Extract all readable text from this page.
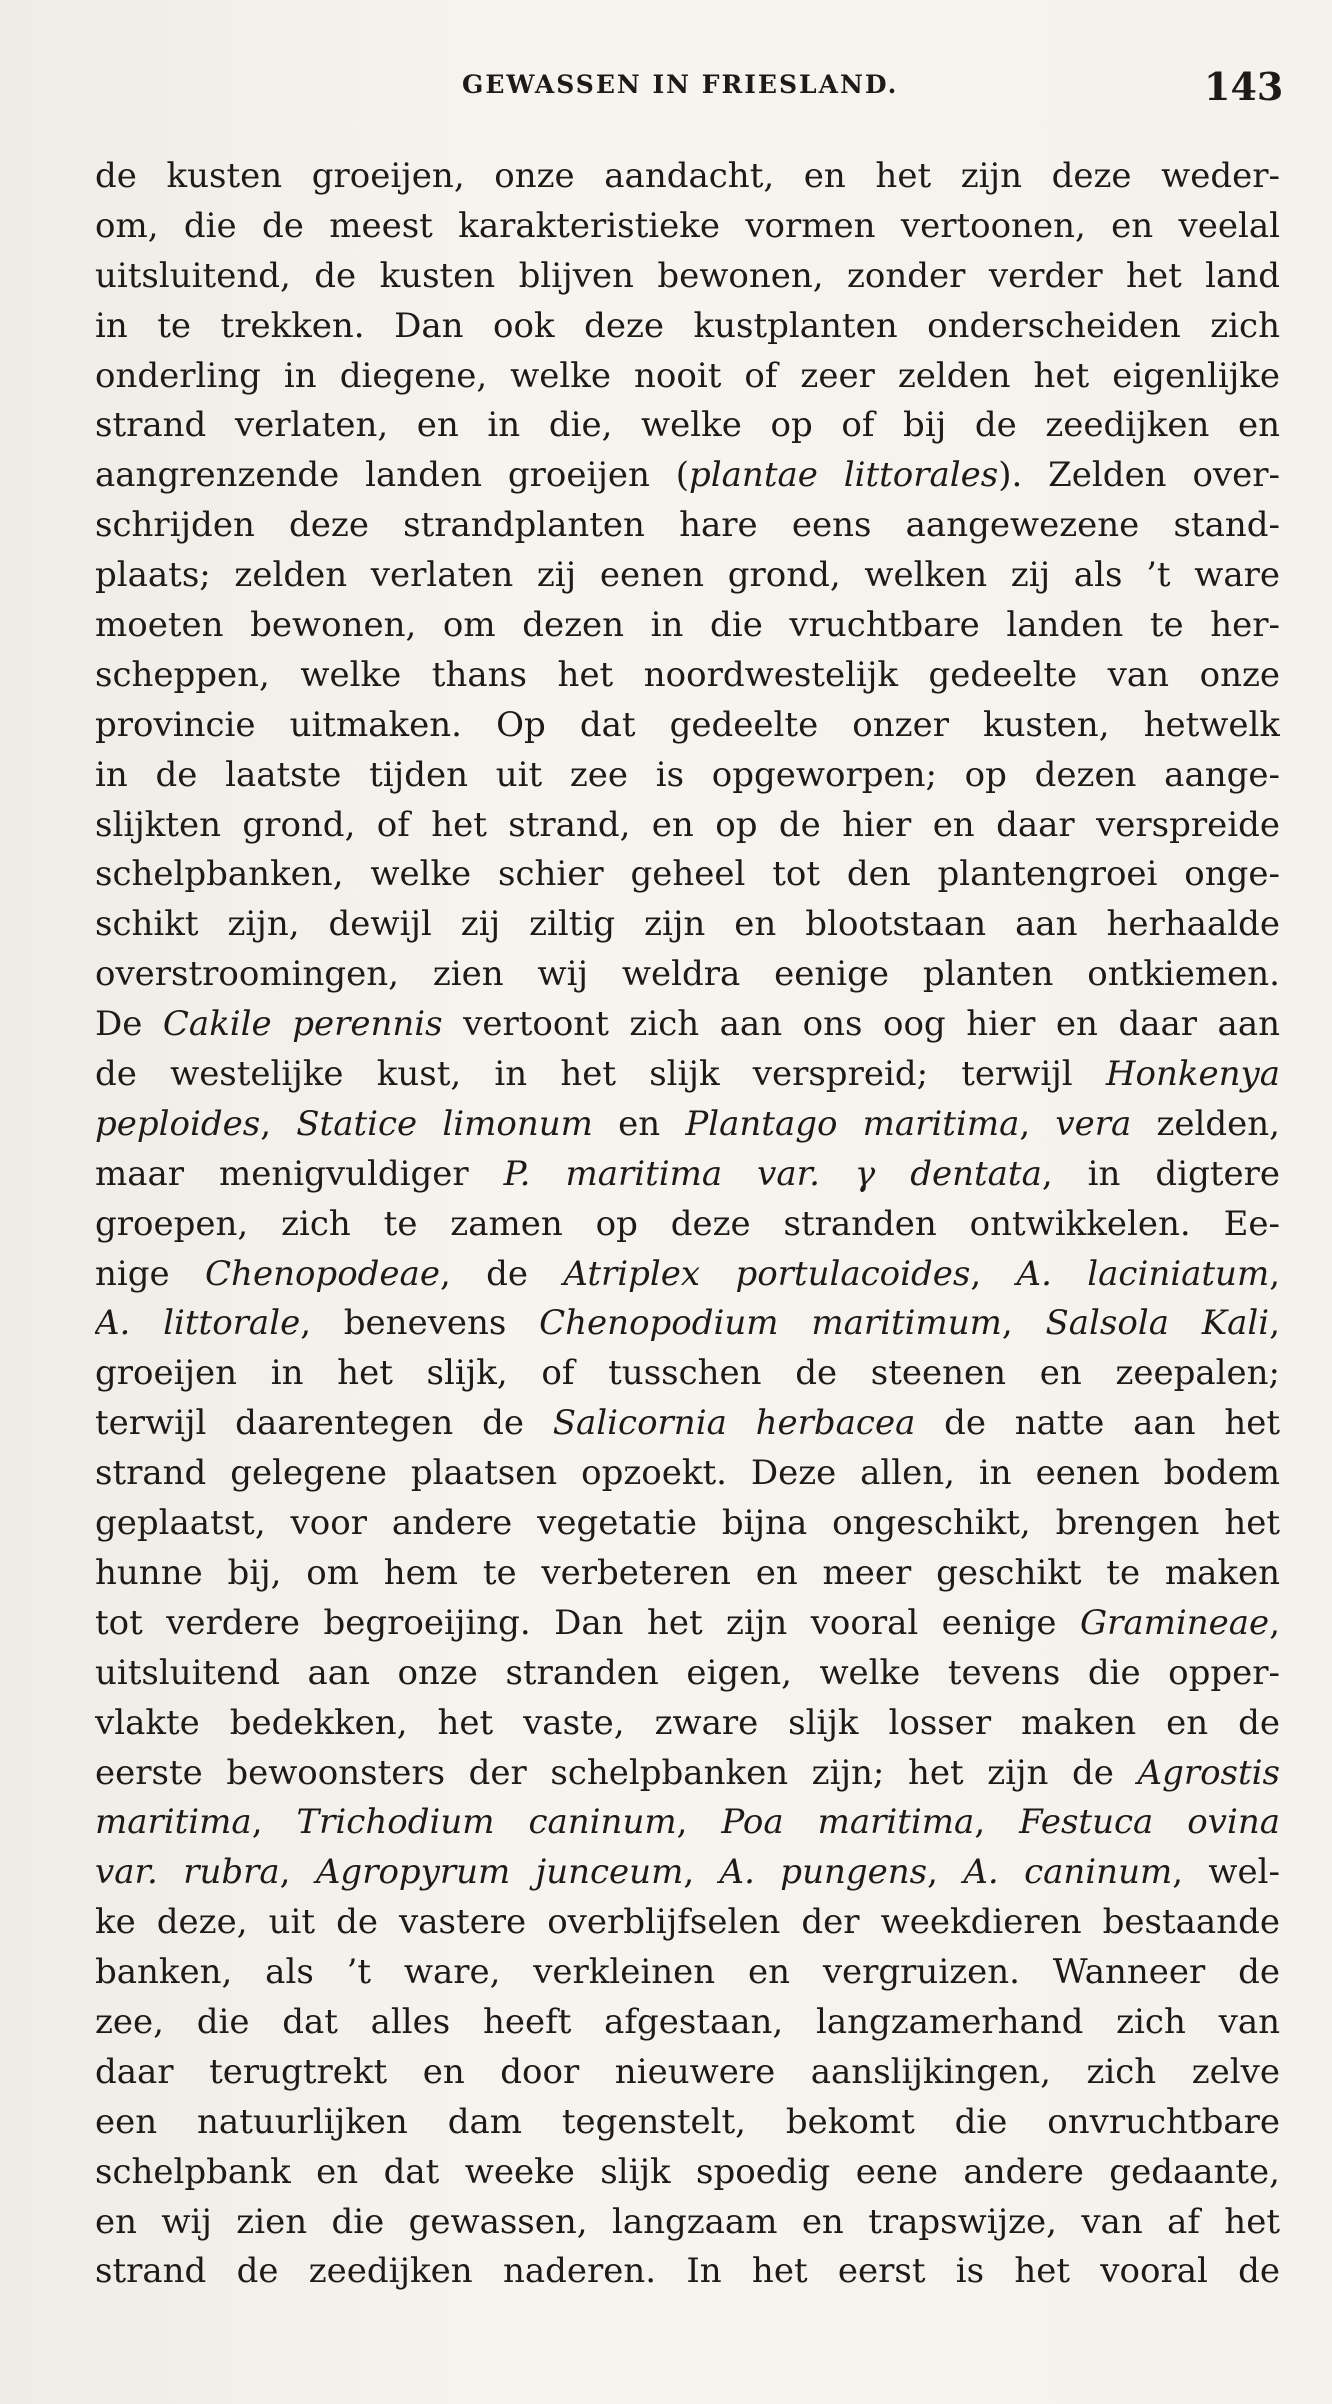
GEWASSEN IN FRIESLAND.	143
de kusten groeijen, onze aandacht, en het zijn deze weder-
om, die de meest karakteristieke vormen vertoonen, en veelal
uitsluitend, de kusten blijven bewonen, zonder verder het land
in te trekken. Dan ook deze kustplanten onderscheiden zich
onderling in diegene, welke nooit of zeer zelden het eigenlijke
strand verlaten, en in die, welke op of bij de zeedijken en
aangrenzende landen groeijen (plantae littorales). Zelden over-
schrijden deze strandplanten hare eens aangewezene stand-
plaats; zelden verlaten zij eenen grond, welken zij als ’t ware
moeten bewonen, om dezen in die vruchtbare landen te her-
scheppen, welke thans het noordwestelijk gedeelte van onze
provincie uitmaken. Op dat gedeelte onzer kusten, hetwelk
in de laatste tijden uit zee is opgeworpen; op dezen aange-
slijkten grond, of het strand, en op de hier en daar verspreide
schelpbanken, welke schier geheel tot den plantengroei onge-
schikt zijn, dewijl zij ziltig zijn en blootstaan aan herhaalde
overstroomingen, zien wij weldra eenige planten ontkiemen.
De Cakile perennis vertoont zich aan ons oog hier en daar aan
de westelijke kust, in het slijk verspreid; terwijl Honkenya
peploides, Statice limonum en Plantago maritima, vera zelden,
maar menigvuldiger P. maritima var. γ dentata, in digtere
groepen, zich te zamen op deze stranden ontwikkelen. Ee-
nige Chenopodeae, de Atriplex portulacoides, A. laciniatum,
A. littorale, benevens Chenopodium maritimum, Salsola Kali,
groeijen in het slijk, of tusschen de steenen en zeepalen;
terwijl daarentegen de Salicornia herbacea de natte aan het
strand gelegene plaatsen opzoekt. Deze allen, in eenen bodem
geplaatst, voor andere vegetatie bijna ongeschikt, brengen het
hunne bij, om hem te verbeteren en meer geschikt te maken
tot verdere begroeijing. Dan het zijn vooral eenige Gramineae,
uitsluitend aan onze stranden eigen, welke tevens die opper-
vlakte bedekken, het vaste, zware slijk losser maken en de
eerste bewoonsters der schelpbanken zijn; het zijn de Agrostis
maritima, Trichodium caninum, Poa maritima, Festuca ovina
var. rubra, Agropyrum junceum, A. pungens, A. caninum, wel-
ke deze, uit de vastere overblijfselen der weekdieren bestaande
banken, als ’t ware, verkleinen en vergruizen. Wanneer de
zee, die dat alles heeft afgestaan, langzamerhand zich van
daar terugtrekt en door nieuwere aanslijkingen, zich zelve
een natuurlijken dam tegenstelt, bekomt die onvruchtbare
schelpbank en dat weeke slijk spoedig eene andere gedaante,
en wij zien die gewassen, langzaam en trapswijze, van af het
strand de zeedijken naderen. In het eerst is het vooral de
